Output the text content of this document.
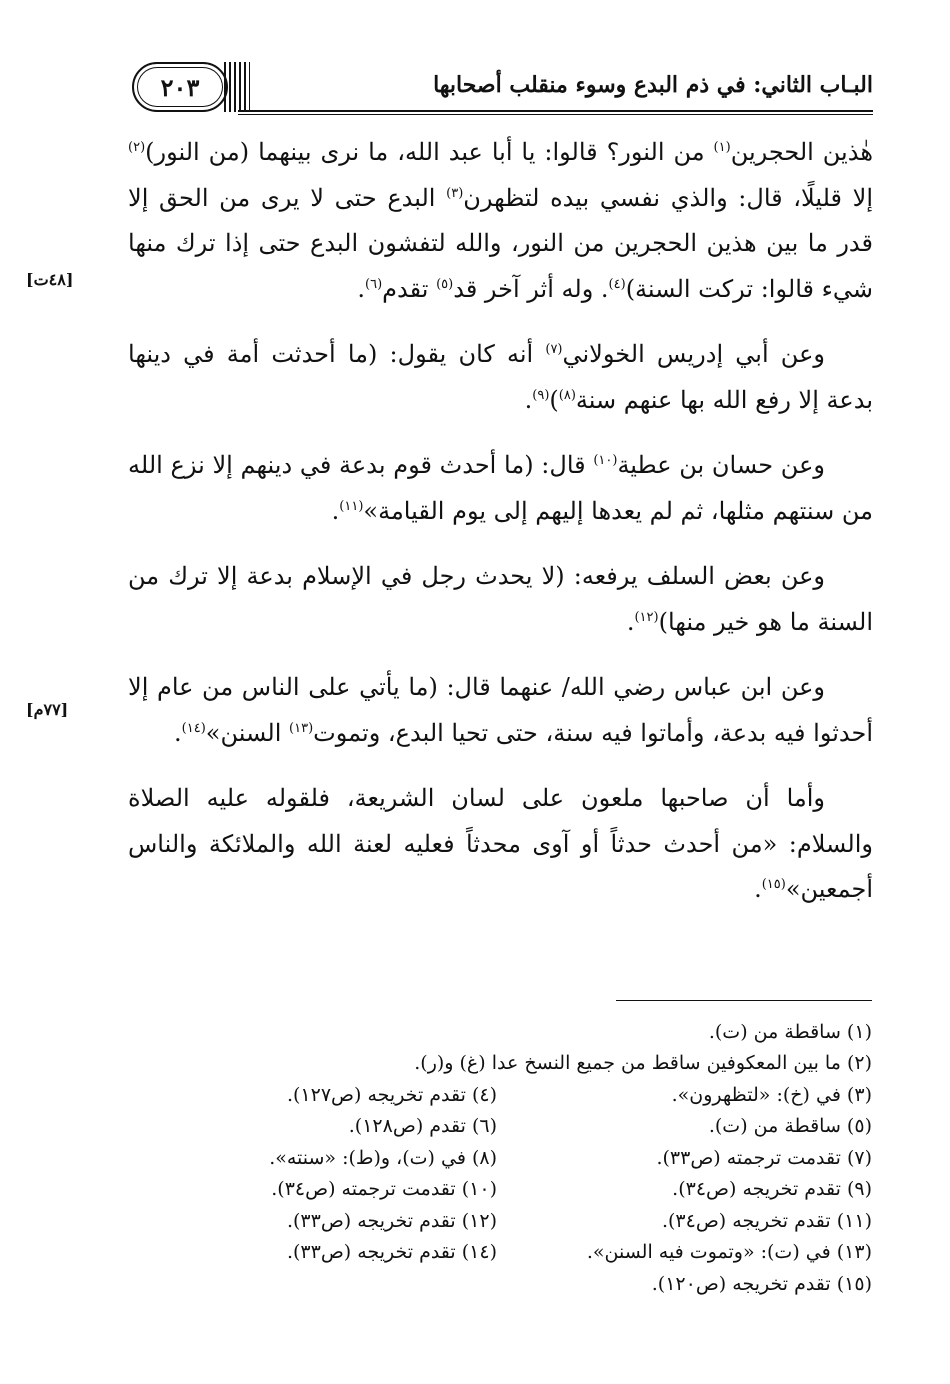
٢٠٣	البـاب الثاني: في ذم البدع وسوء منقلب أصحابها
[٤٨ت]
[٧٧م]

هٰذين الحجرين$^{(١)}$ من النور؟ قالوا: يا أبا عبد الله، ما نرى بينهما (من النور)$^{(٢)}$ إلا قليلًا، قال: والذي نفسي بيده لتظهرن$^{(٣)}$ البدع حتى لا يرى من الحق إلا قدر ما بين هذين الحجرين من النور، والله لتفشون البدع حتى إذا ترك منها شيء قالوا: تركت السنة)$^{(٤)}$. وله أثر آخر قد$^{(٥)}$ تقدم$^{(٦)}$.

وعن أبي إدريس الخولاني$^{(٧)}$ أنه كان يقول: (ما أحدثت أمة في دينها بدعة إلا رفع الله بها عنهم سنة$^{(٨)}$)$^{(٩)}$.

وعن حسان بن عطية$^{(١٠)}$ قال: (ما أحدث قوم بدعة في دينهم إلا نزع الله من سنتهم مثلها، ثم لم يعدها إليهم إلى يوم القيامة»$^{(١١)}$.

وعن بعض السلف يرفعه: (لا يحدث رجل في الإسلام بدعة إلا ترك من السنة ما هو خير منها)$^{(١٢)}$.

وعن ابن عباس رضي الله/ عنهما قال: (ما يأتي على الناس من عام إلا أحدثوا فيه بدعة، وأماتوا فيه سنة، حتى تحيا البدع، وتموت$^{(١٣)}$ السنن»$^{(١٤)}$.

وأما أن صاحبها ملعون على لسان الشريعة، فلقوله عليه الصلاة والسلام: «من أحدث حدثاً أو آوى محدثاً فعليه لعنة الله والملائكة والناس أجمعين»$^{(١٥)}$.

(١) ساقطة من (ت).
(٢) ما بين المعكوفين ساقط من جميع النسخ عدا (غ) و(ر).
(٣) في (خ): «لتظهرون».
(٤) تقدم تخريجه (ص١٢٧).
(٥) ساقطة من (ت).
(٦) تقدم (ص١٢٨).
(٧) تقدمت ترجمته (ص٣٣).
(٨) في (ت)، و(ط): «سنته».
(٩) تقدم تخريجه (ص٣٤).
(١٠) تقدمت ترجمته (ص٣٤).
(١١) تقدم تخريجه (ص٣٤).
(١٢) تقدم تخريجه (ص٣٣).
(١٣) في (ت): «وتموت فيه السنن».
(١٤) تقدم تخريجه (ص٣٣).
(١٥) تقدم تخريجه (ص١٢٠).
